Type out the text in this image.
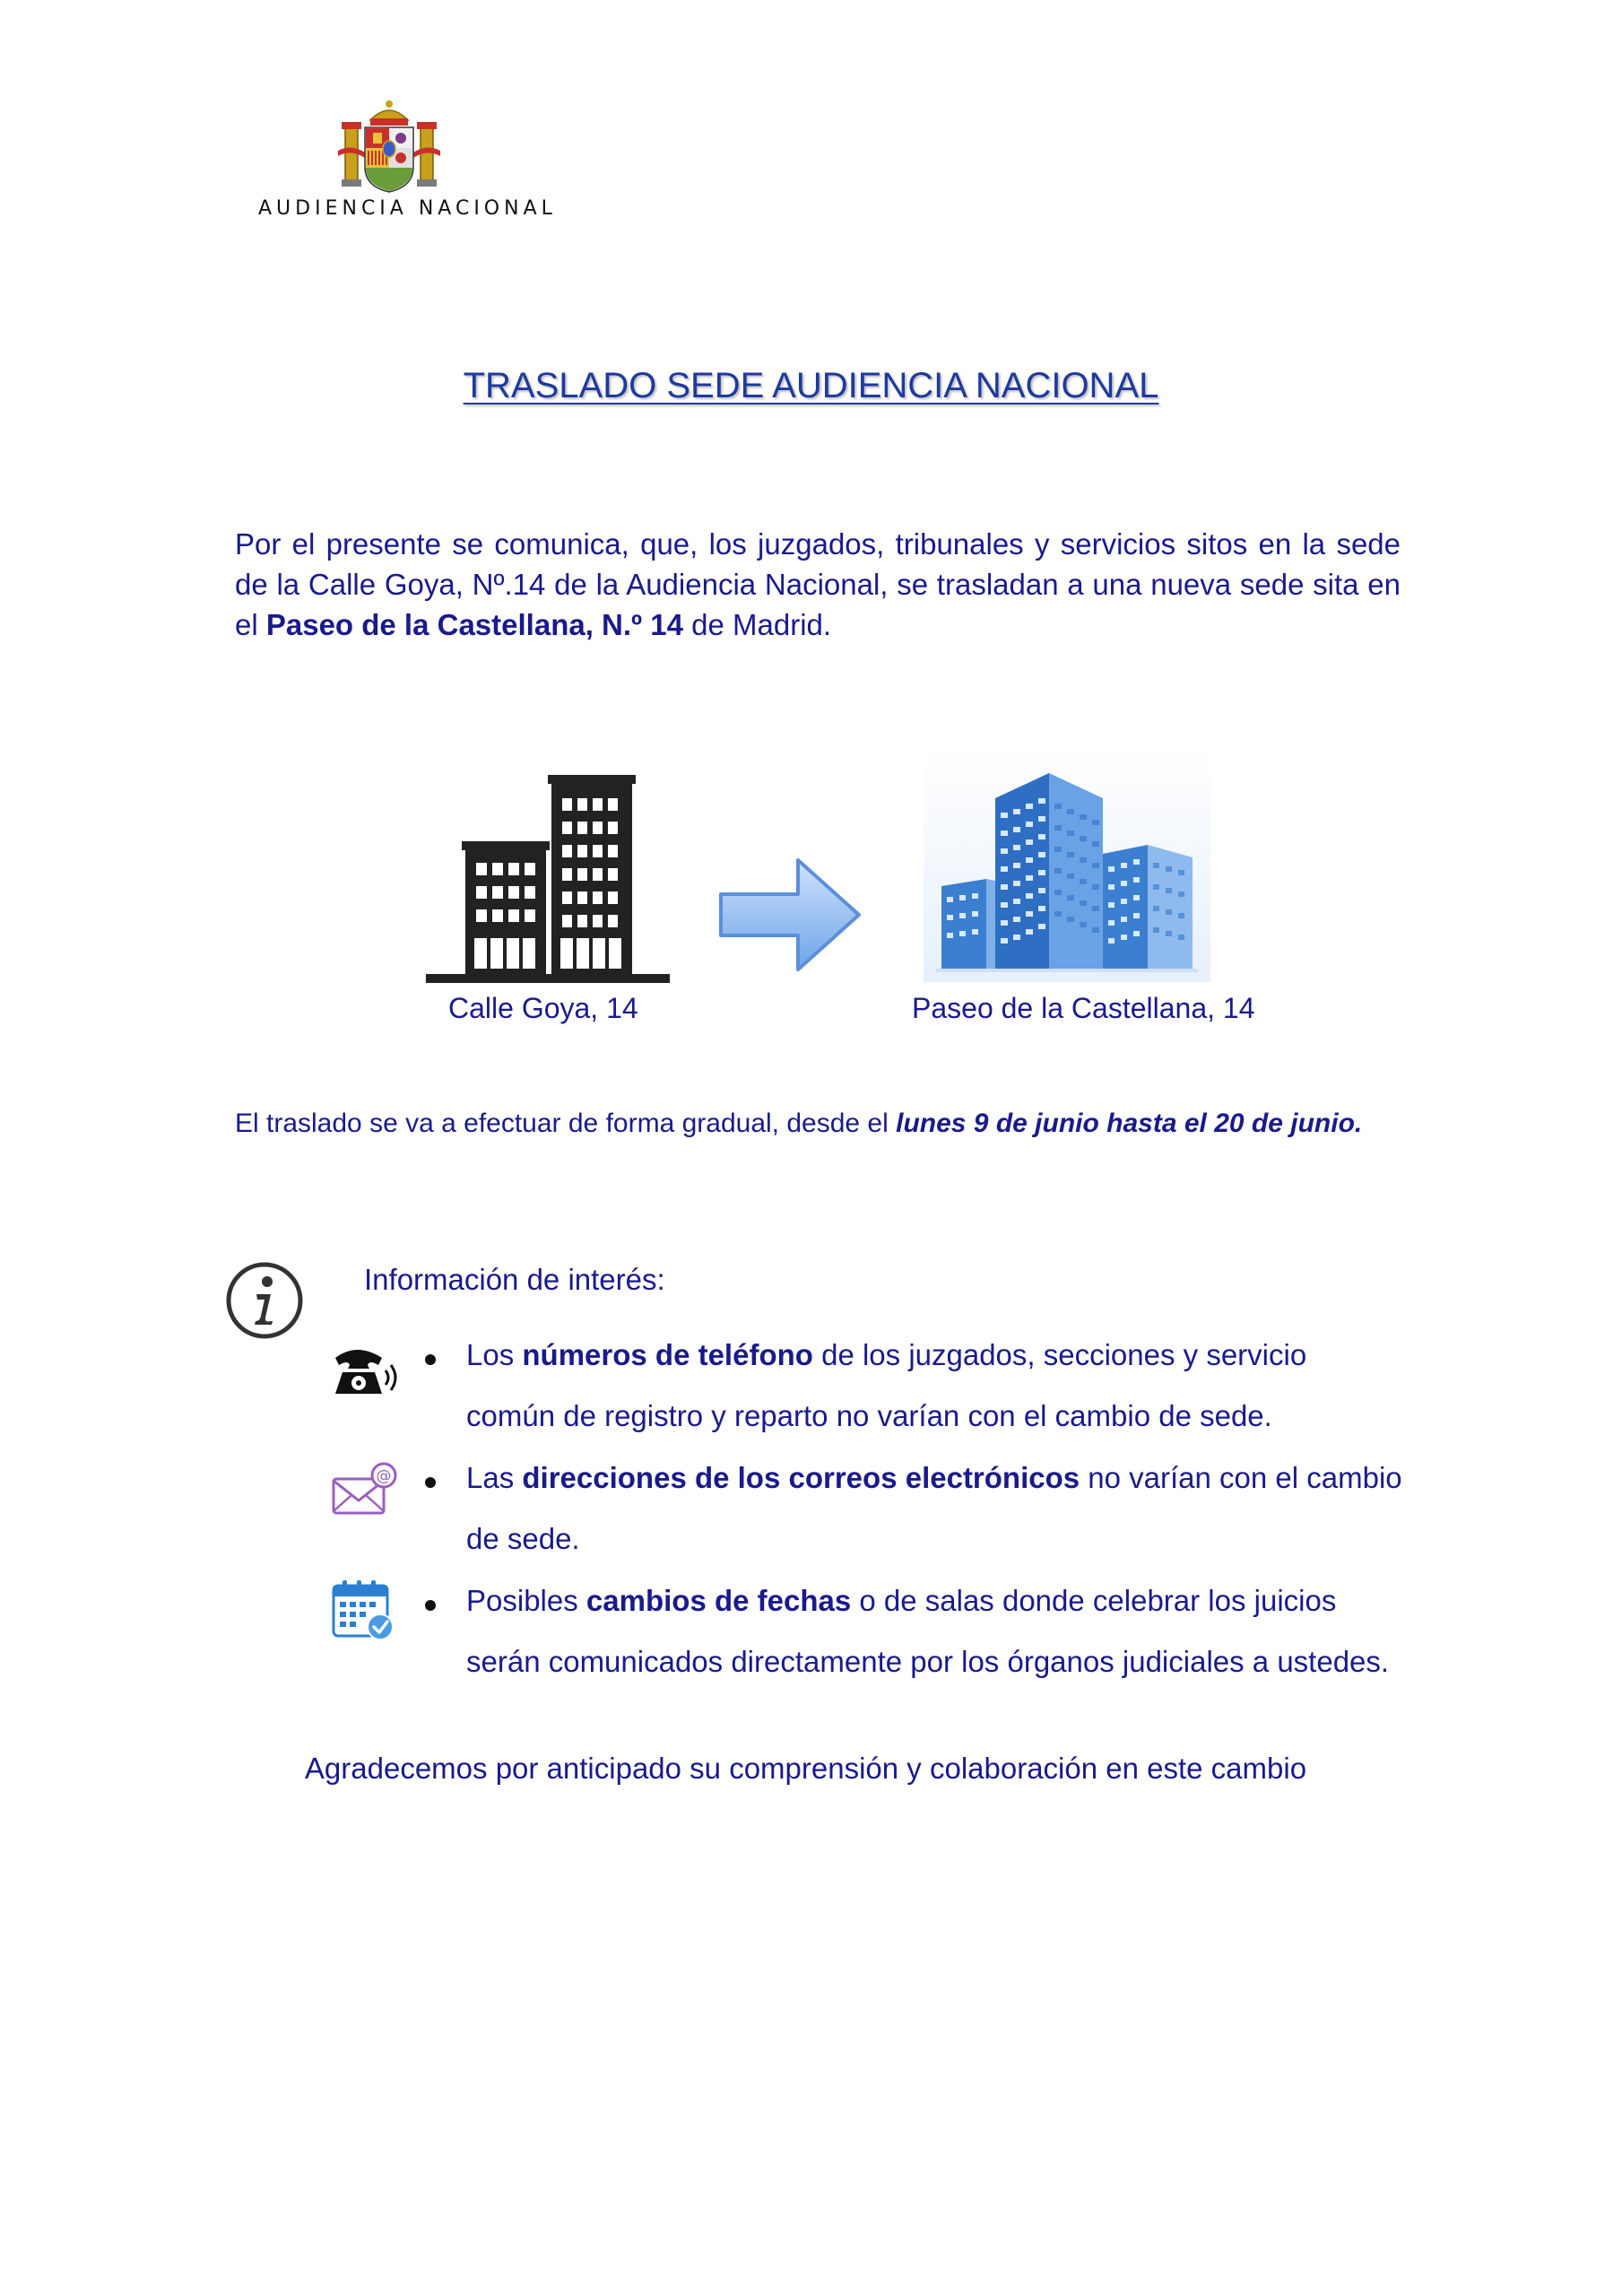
AUDIENCIA NACIONAL
TRASLADO SEDE AUDIENCIA NACIONAL
Por el presente se comunica, que, los juzgados, tribunales y servicios sitos en la sede de la Calle Goya, Nº.14 de la Audiencia Nacional, se trasladan a una nueva sede sita en el Paseo de la Castellana, N.º 14 de Madrid.
Calle Goya, 14	Paseo de la Castellana, 14
El traslado se va a efectuar de forma gradual, desde el lunes 9 de junio hasta el 20 de junio.
Información de interés:
Los números de teléfono de los juzgados, secciones y servicio común de registro y reparto no varían con el cambio de sede.
@	Las direcciones de los correos electrónicos no varían con el cambio de sede.
Posibles cambios de fechas o de salas donde celebrar los juicios serán comunicados directamente por los órganos judiciales a ustedes.
Agradecemos por anticipado su comprensión y colaboración en este cambio
